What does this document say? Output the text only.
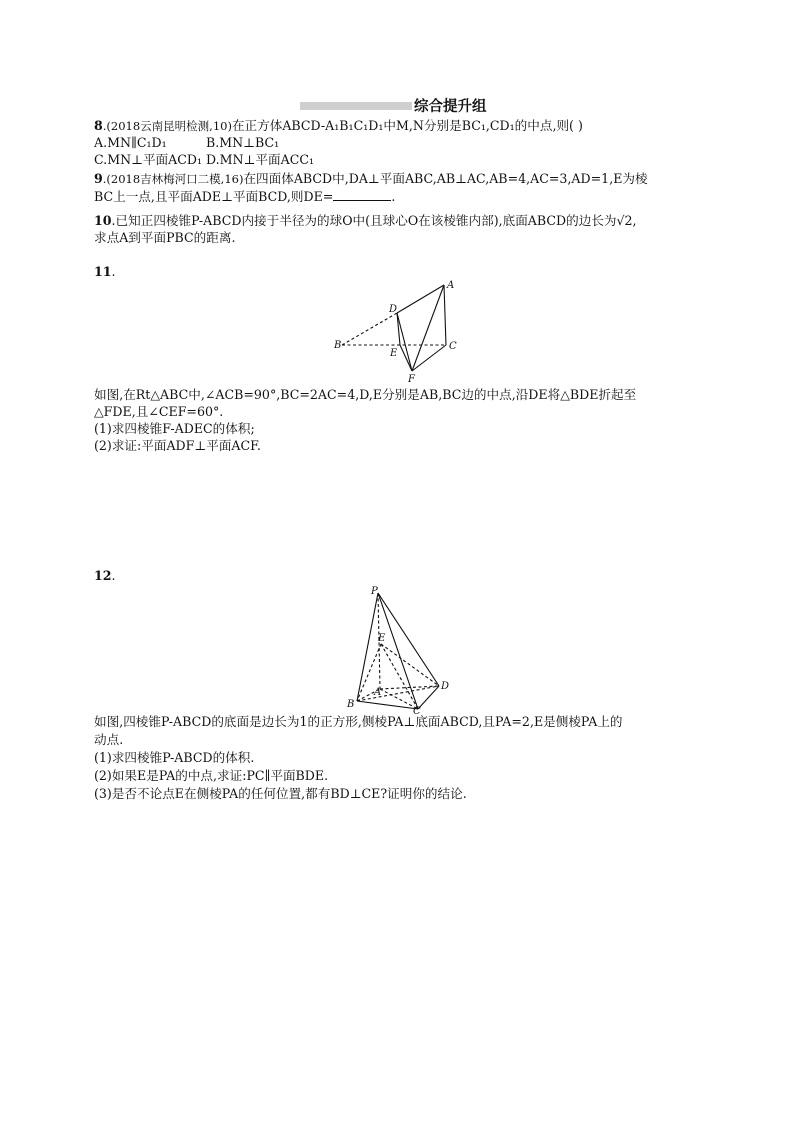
综合提升组
8.(2018云南昆明检测,10)在正方体ABCD-A₁B₁C₁D₁中M,N分别是BC₁,CD₁的中点,则( )
A.MN∥C₁D₁	B.MN⊥BC₁
C.MN⊥平面ACD₁ D.MN⊥平面ACC₁
9.(2018吉林梅河口二模,16)在四面体ABCD中,DA⊥平面ABC,AB⊥AC,AB=4,AC=3,AD=1,E为棱
BC上一点,且平面ADE⊥平面BCD,则DE=	.
10.已知正四棱锥P-ABCD内接于半径为的球O中(且球心O在该棱锥内部),底面ABCD的边长为√2,
求点A到平面PBC的距离.
11.
A
B	C
D
E
F
如图,在Rt△ABC中,∠ACB=90°,BC=2AC=4,D,E分别是AB,BC边的中点,沿DE将△BDE折起至
△FDE,且∠CEF=60°.
(1)求四棱锥F-ADEC的体积;
(2)求证:平面ADF⊥平面ACF.
12.
P
E
A
B
C
D
如图,四棱锥P-ABCD的底面是边长为1的正方形,侧棱PA⊥底面ABCD,且PA=2,E是侧棱PA上的
动点.
(1)求四棱锥P-ABCD的体积.
(2)如果E是PA的中点,求证:PC∥平面BDE.
(3)是否不论点E在侧棱PA的任何位置,都有BD⊥CE?证明你的结论.
